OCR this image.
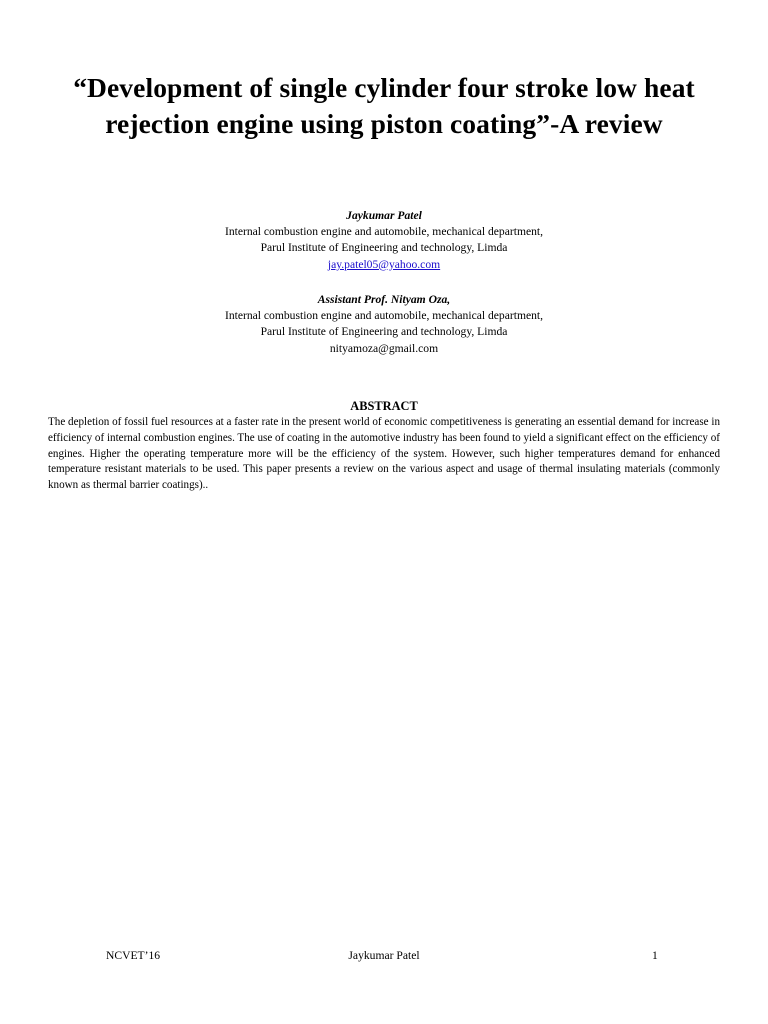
“Development of single cylinder four stroke low heat rejection engine using piston coating”-A review
Jaykumar Patel
Internal combustion engine and automobile, mechanical department,
Parul Institute of Engineering and technology, Limda
jay.patel05@yahoo.com
Assistant Prof. Nityam Oza,
Internal combustion engine and automobile, mechanical department,
Parul Institute of Engineering and technology, Limda
nityamoza@gmail.com
ABSTRACT
The depletion of fossil fuel resources at a faster rate in the present world of economic competitiveness is generating an essential demand for increase in efficiency of internal combustion engines. The use of coating in the automotive industry has been found to yield a significant effect on the efficiency of engines. Higher the operating temperature more will be the efficiency of the system. However, such higher temperatures demand for enhanced temperature resistant materials to be used. This paper presents a review on the various aspect and usage of thermal insulating materials (commonly known as thermal barrier coatings)..
NCVET’16	Jaykumar Patel	1
